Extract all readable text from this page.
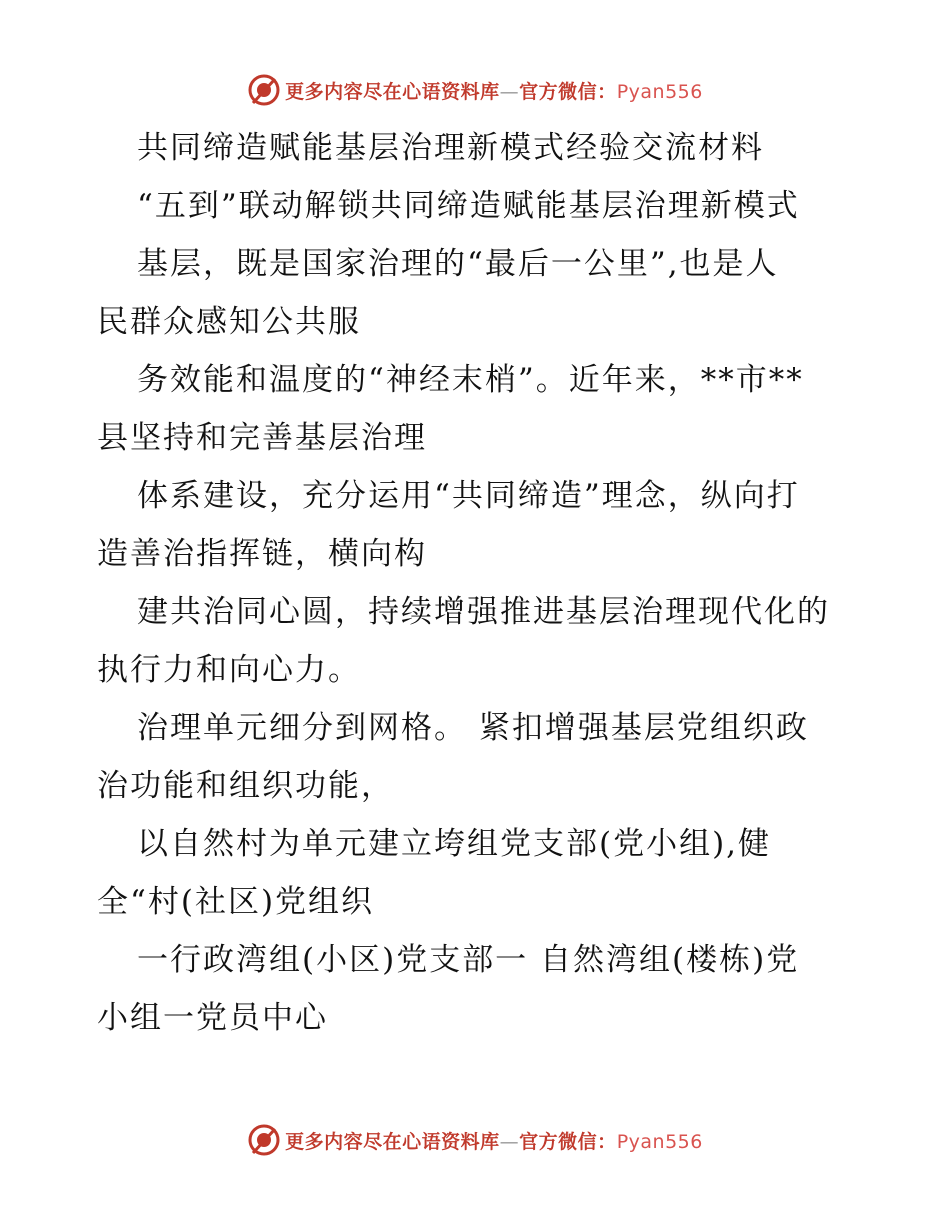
更多内容尽在心语资料库—官方微信：Pyan556
共同缔造赋能基层治理新模式经验交流材料
“五到”联动解锁共同缔造赋能基层治理新模式
基层，既是国家治理的“最后一公里”,也是人
民群众感知公共服
务效能和温度的“神经末梢”。近年来，**市**
县坚持和完善基层治理
体系建设，充分运用“共同缔造”理念，纵向打
造善治指挥链，横向构
建共治同心圆，持续增强推进基层治理现代化的
执行力和向心力。
治理单元细分到网格。 紧扣增强基层党组织政
治功能和组织功能，
以自然村为单元建立垮组党支部(党小组),健
全“村(社区)党组织
一行政湾组(小区)党支部一 自然湾组(楼栋)党
小组一党员中心
更多内容尽在心语资料库—官方微信：Pyan556
